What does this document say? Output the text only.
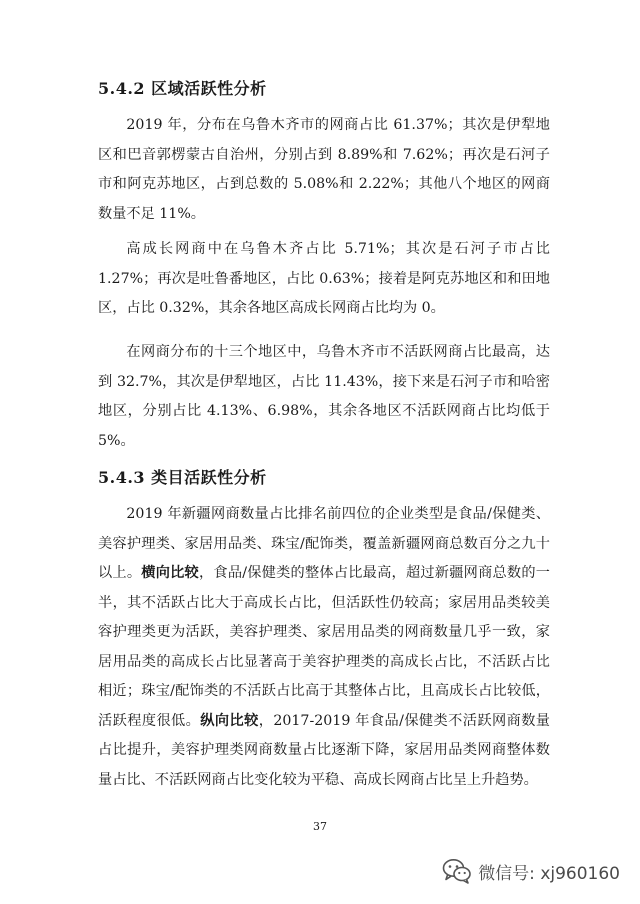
5.4.2 区域活跃性分析

2019 年，分布在乌鲁木齐市的网商占比 61.37%；其次是伊犁地区和巴音郭楞蒙古自治州，分别占到 8.89%和 7.62%；再次是石河子市和阿克苏地区，占到总数的 5.08%和 2.22%；其他八个地区的网商数量不足 11%。

高成长网商中在乌鲁木齐占比 5.71%；其次是石河子市占比1.27%；再次是吐鲁番地区，占比 0.63%；接着是阿克苏地区和和田地区，占比 0.32%，其余各地区高成长网商占比均为 0。

在网商分布的十三个地区中，乌鲁木齐市不活跃网商占比最高，达到 32.7%，其次是伊犁地区，占比 11.43%，接下来是石河子市和哈密地区，分别占比 4.13%、6.98%，其余各地区不活跃网商占比均低于 5%。

5.4.3 类目活跃性分析

2019 年新疆网商数量占比排名前四位的企业类型是食品/保健类、美容护理类、家居用品类、珠宝/配饰类，覆盖新疆网商总数百分之九十以上。横向比较，食品/保健类的整体占比最高，超过新疆网商总数的一半，其不活跃占比大于高成长占比，但活跃性仍较高；家居用品类较美容护理类更为活跃，美容护理类、家居用品类的网商数量几乎一致，家居用品类的高成长占比显著高于美容护理类的高成长占比，不活跃占比相近；珠宝/配饰类的不活跃占比高于其整体占比，且高成长占比较低，活跃程度很低。纵向比较，2017-2019 年食品/保健类不活跃网商数量占比提升，美容护理类网商数量占比逐渐下降，家居用品类网商整体数量占比、不活跃网商占比变化较为平稳、高成长网商占比呈上升趋势。

37
微信号: xj960160
